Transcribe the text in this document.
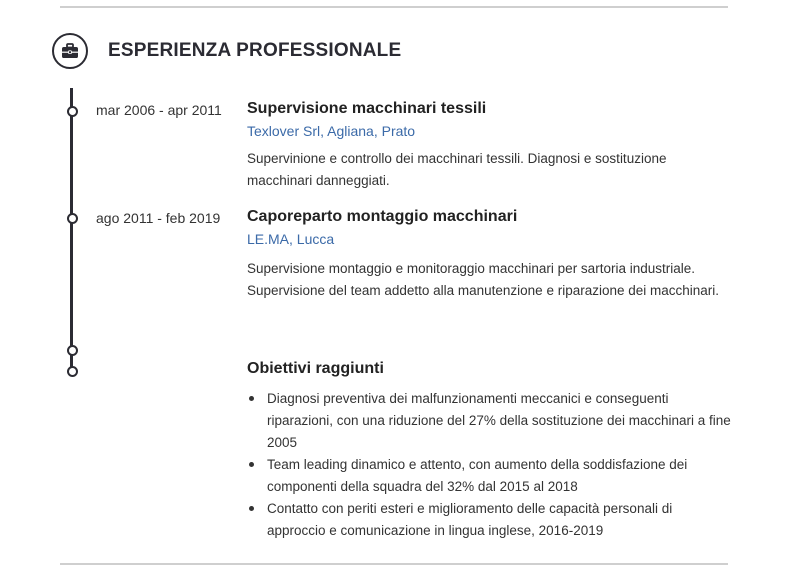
ESPERIENZA PROFESSIONALE
mar 2006 - apr 2011 Supervisione macchinari tessili
Texlover Srl, Agliana, Prato
Supervinione e controllo dei macchinari tessili. Diagnosi e sostituzione macchinari danneggiati.
ago 2011 - feb 2019 Caporeparto montaggio macchinari
LE.MA, Lucca
Supervisione montaggio e monitoraggio macchinari per sartoria industriale. Supervisione del team addetto alla manutenzione e riparazione dei macchinari.
Obiettivi raggiunti
Diagnosi preventiva dei malfunzionamenti meccanici e conseguenti riparazioni, con una riduzione del 27% della sostituzione dei macchinari a fine 2005
Team leading dinamico e attento, con aumento della soddisfazione dei componenti della squadra del 32% dal 2015 al 2018
Contatto con periti esteri e miglioramento delle capacità personali di approccio e comunicazione in lingua inglese, 2016-2019
